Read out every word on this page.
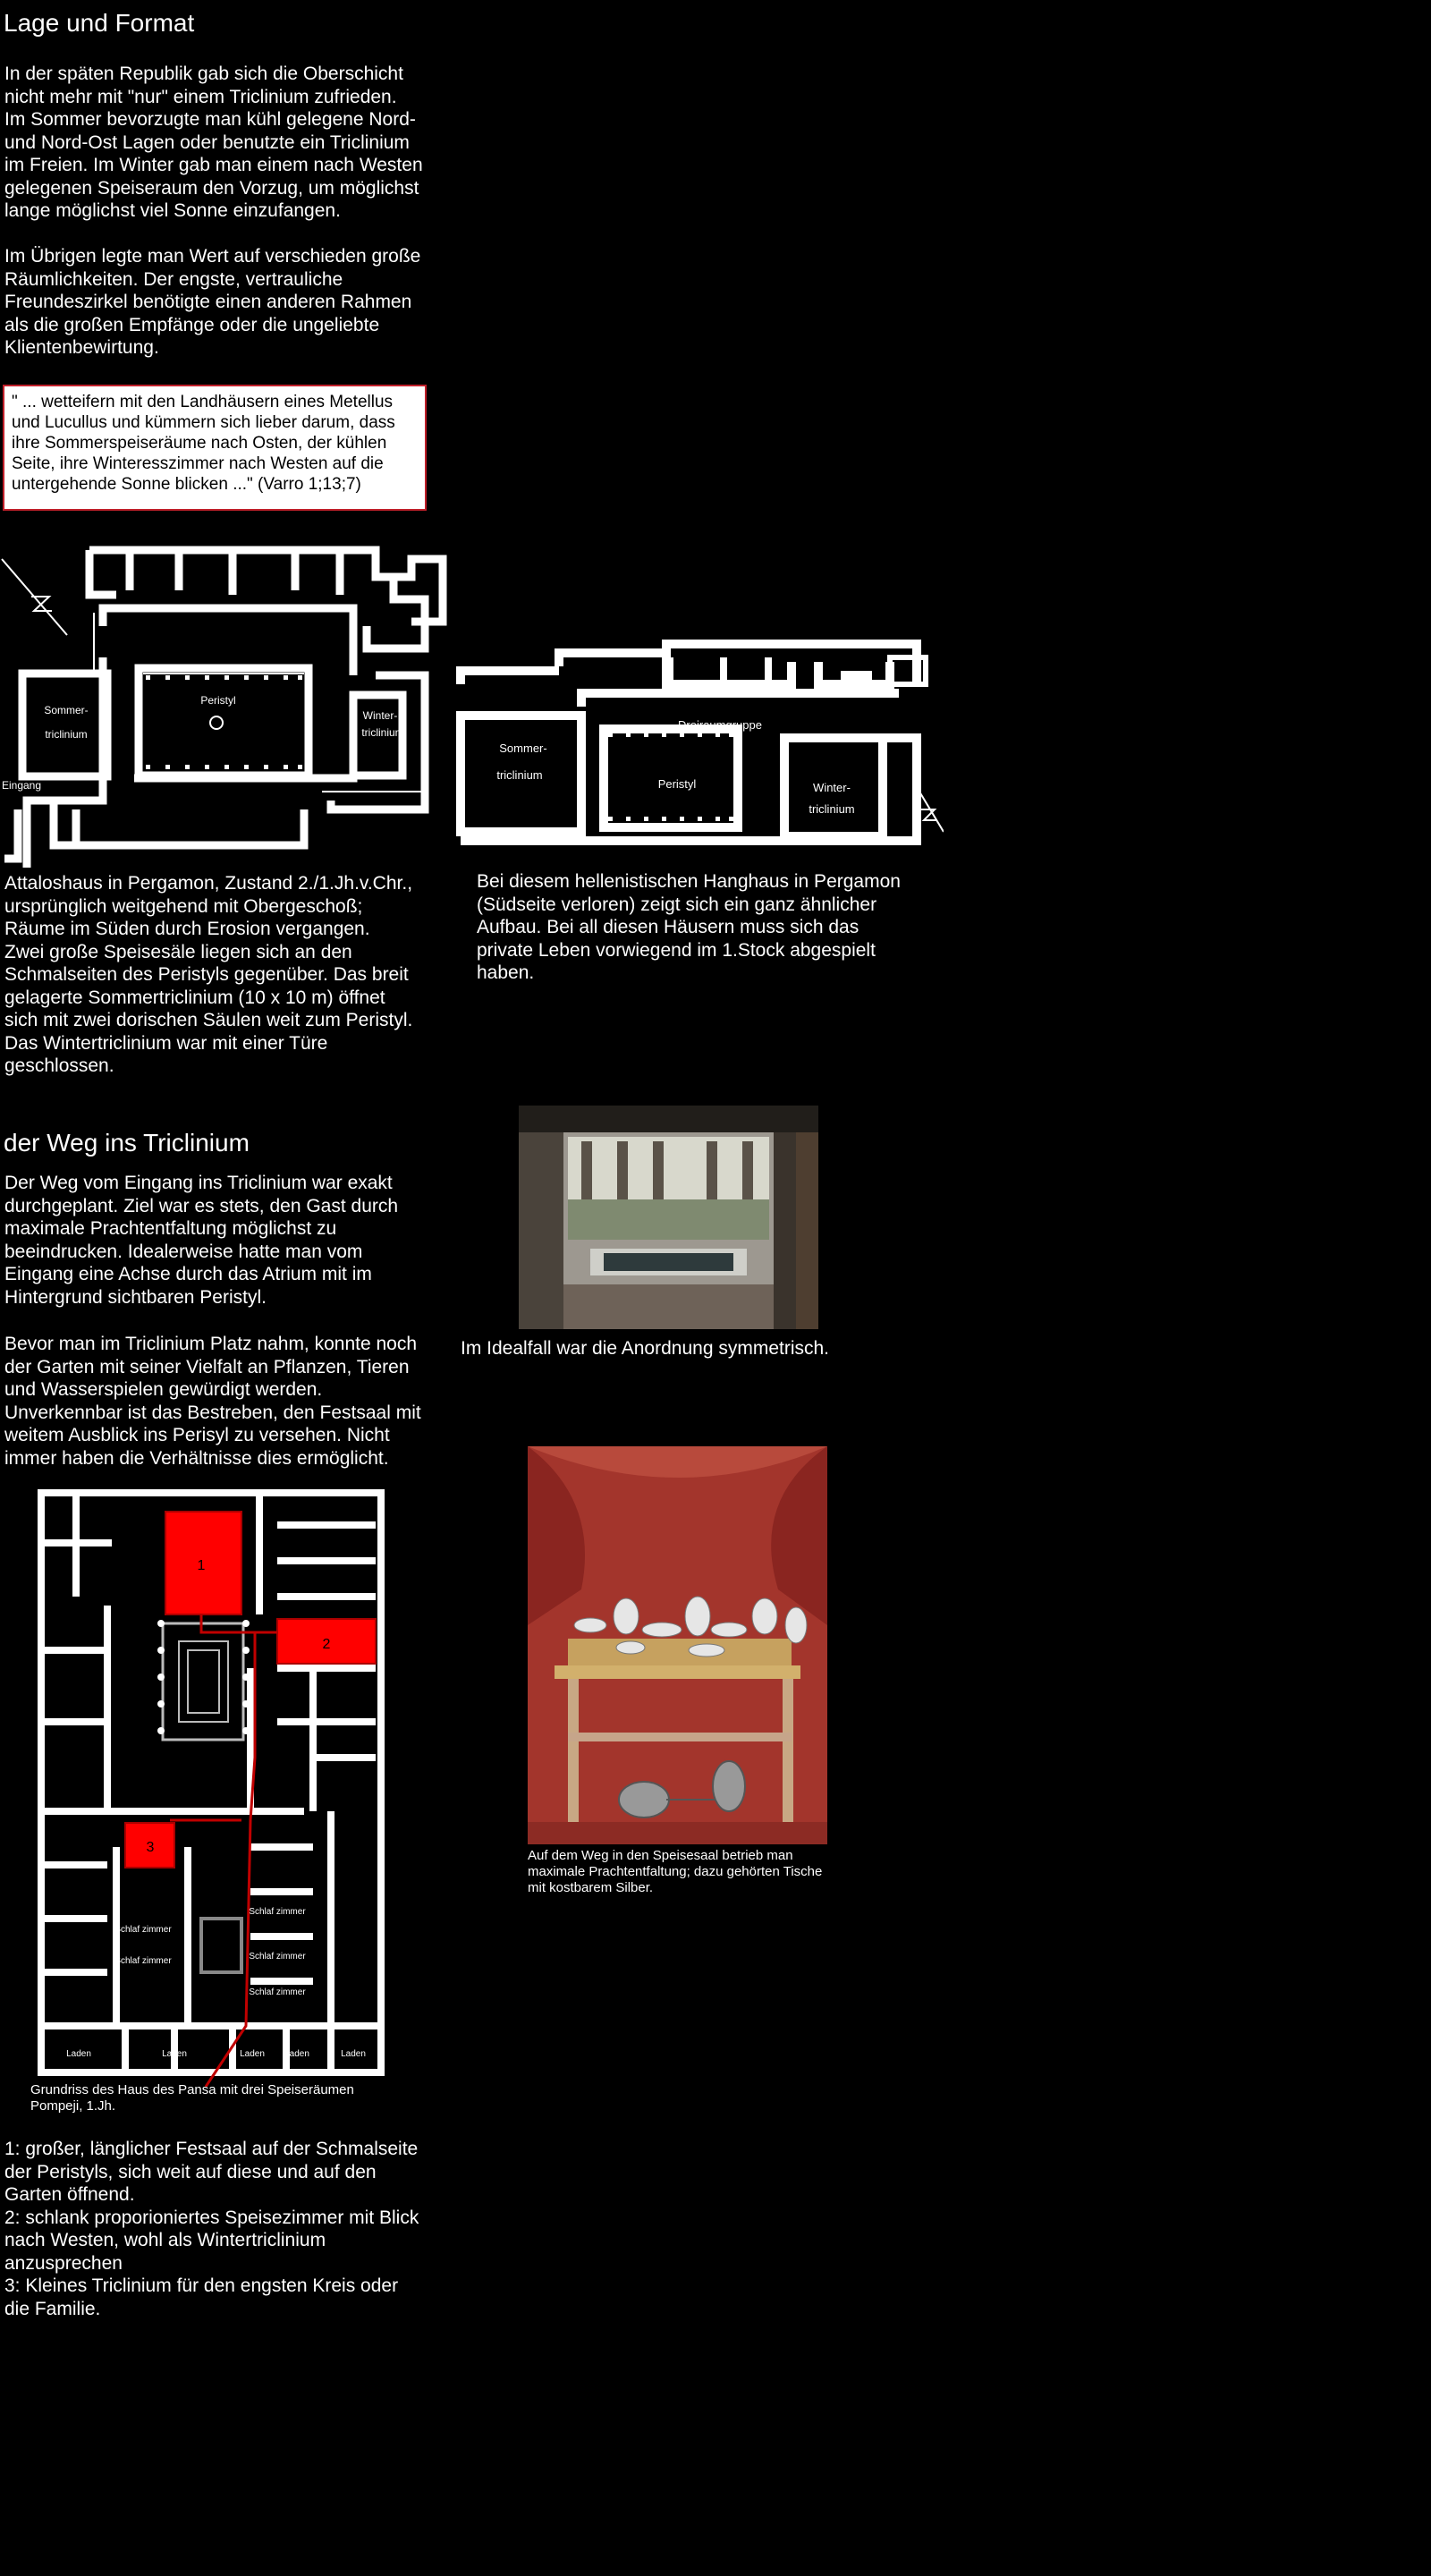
Lage und Format
In der späten Republik gab sich die Oberschicht
nicht mehr mit "nur" einem Triclinium zufrieden.
Im Sommer bevorzugte man kühl gelegene Nord-
und Nord-Ost Lagen oder benutzte ein Triclinium
im Freien. Im Winter gab man einem nach Westen
gelegenen Speiseraum den Vorzug, um möglichst
lange möglichst viel Sonne einzufangen.
Im Übrigen legte man Wert auf verschieden große
Räumlichkeiten. Der engste, vertrauliche
Freundeszirkel benötigte einen anderen Rahmen
als die großen Empfänge oder die ungeliebte
Klientenbewirtung.
" ... wetteifern mit den Landhäusern eines Metellus
und Lucullus und kümmern sich lieber darum, dass
ihre Sommerspeiseräume nach Osten, der kühlen
Seite, ihre Winteresszimmer nach Westen auf die
untergehende Sonne blicken ..." (Varro 1;13;7)
Sommer-
triclinium
Peristyl
Winter-
triclinium
Eingang
Dreiraumgruppe
Sommer-
triclinium
Peristyl	Winter-
triclinium
Attaloshaus in Pergamon, Zustand 2./1.Jh.v.Chr.,
ursprünglich weitgehend mit Obergeschoß;
Räume im Süden durch Erosion vergangen.
Zwei große Speisesäle liegen sich an den
Schmalseiten des Peristyls gegenüber. Das breit
gelagerte Sommertriclinium (10 x 10 m) öffnet
sich mit zwei dorischen Säulen weit zum Peristyl.
Das Wintertriclinium war mit einer Türe
geschlossen.
Bei diesem hellenistischen Hanghaus in Pergamon
(Südseite verloren) zeigt sich ein ganz ähnlicher
Aufbau. Bei all diesen Häusern muss sich das
private Leben vorwiegend im 1.Stock abgespielt
haben.
der Weg ins Triclinium
Der Weg vom Eingang ins Triclinium war exakt
durchgeplant. Ziel war es stets, den Gast durch
maximale Prachtentfaltung möglichst zu
beeindrucken. Idealerweise hatte man vom
Eingang eine Achse durch das Atrium mit im
Hintergrund sichtbaren Peristyl.
Bevor man im Triclinium Platz nahm, konnte noch
der Garten mit seiner Vielfalt an Pflanzen, Tieren
und Wasserspielen gewürdigt werden.
Unverkennbar ist das Bestreben, den Festsaal mit
weitem Ausblick ins Perisyl zu versehen. Nicht
immer haben die Verhältnisse dies ermöglicht.
Im Idealfall war die Anordnung symmetrisch.
Auf dem Weg in den Speisesaal betrieb man
maximale Prachtentfaltung; dazu gehörten Tische
mit kostbarem Silber.
1
2
3
Schlaf zimmer
Schlaf zimmer
Schlaf zimmer
Schlaf zimmer
Schlaf zimmer
Laden	Laden	Laden Laden	Laden
Grundriss des Haus des Pansa mit drei Speiseräumen
Pompeji, 1.Jh.
1: großer, länglicher Festsaal auf der Schmalseite
der Peristyls, sich weit auf diese und auf den
Garten öffnend.
2: schlank proporioniertes Speisezimmer mit Blick
nach Westen, wohl als Wintertriclinium
anzusprechen
3: Kleines Triclinium für den engsten Kreis oder
die Familie.
